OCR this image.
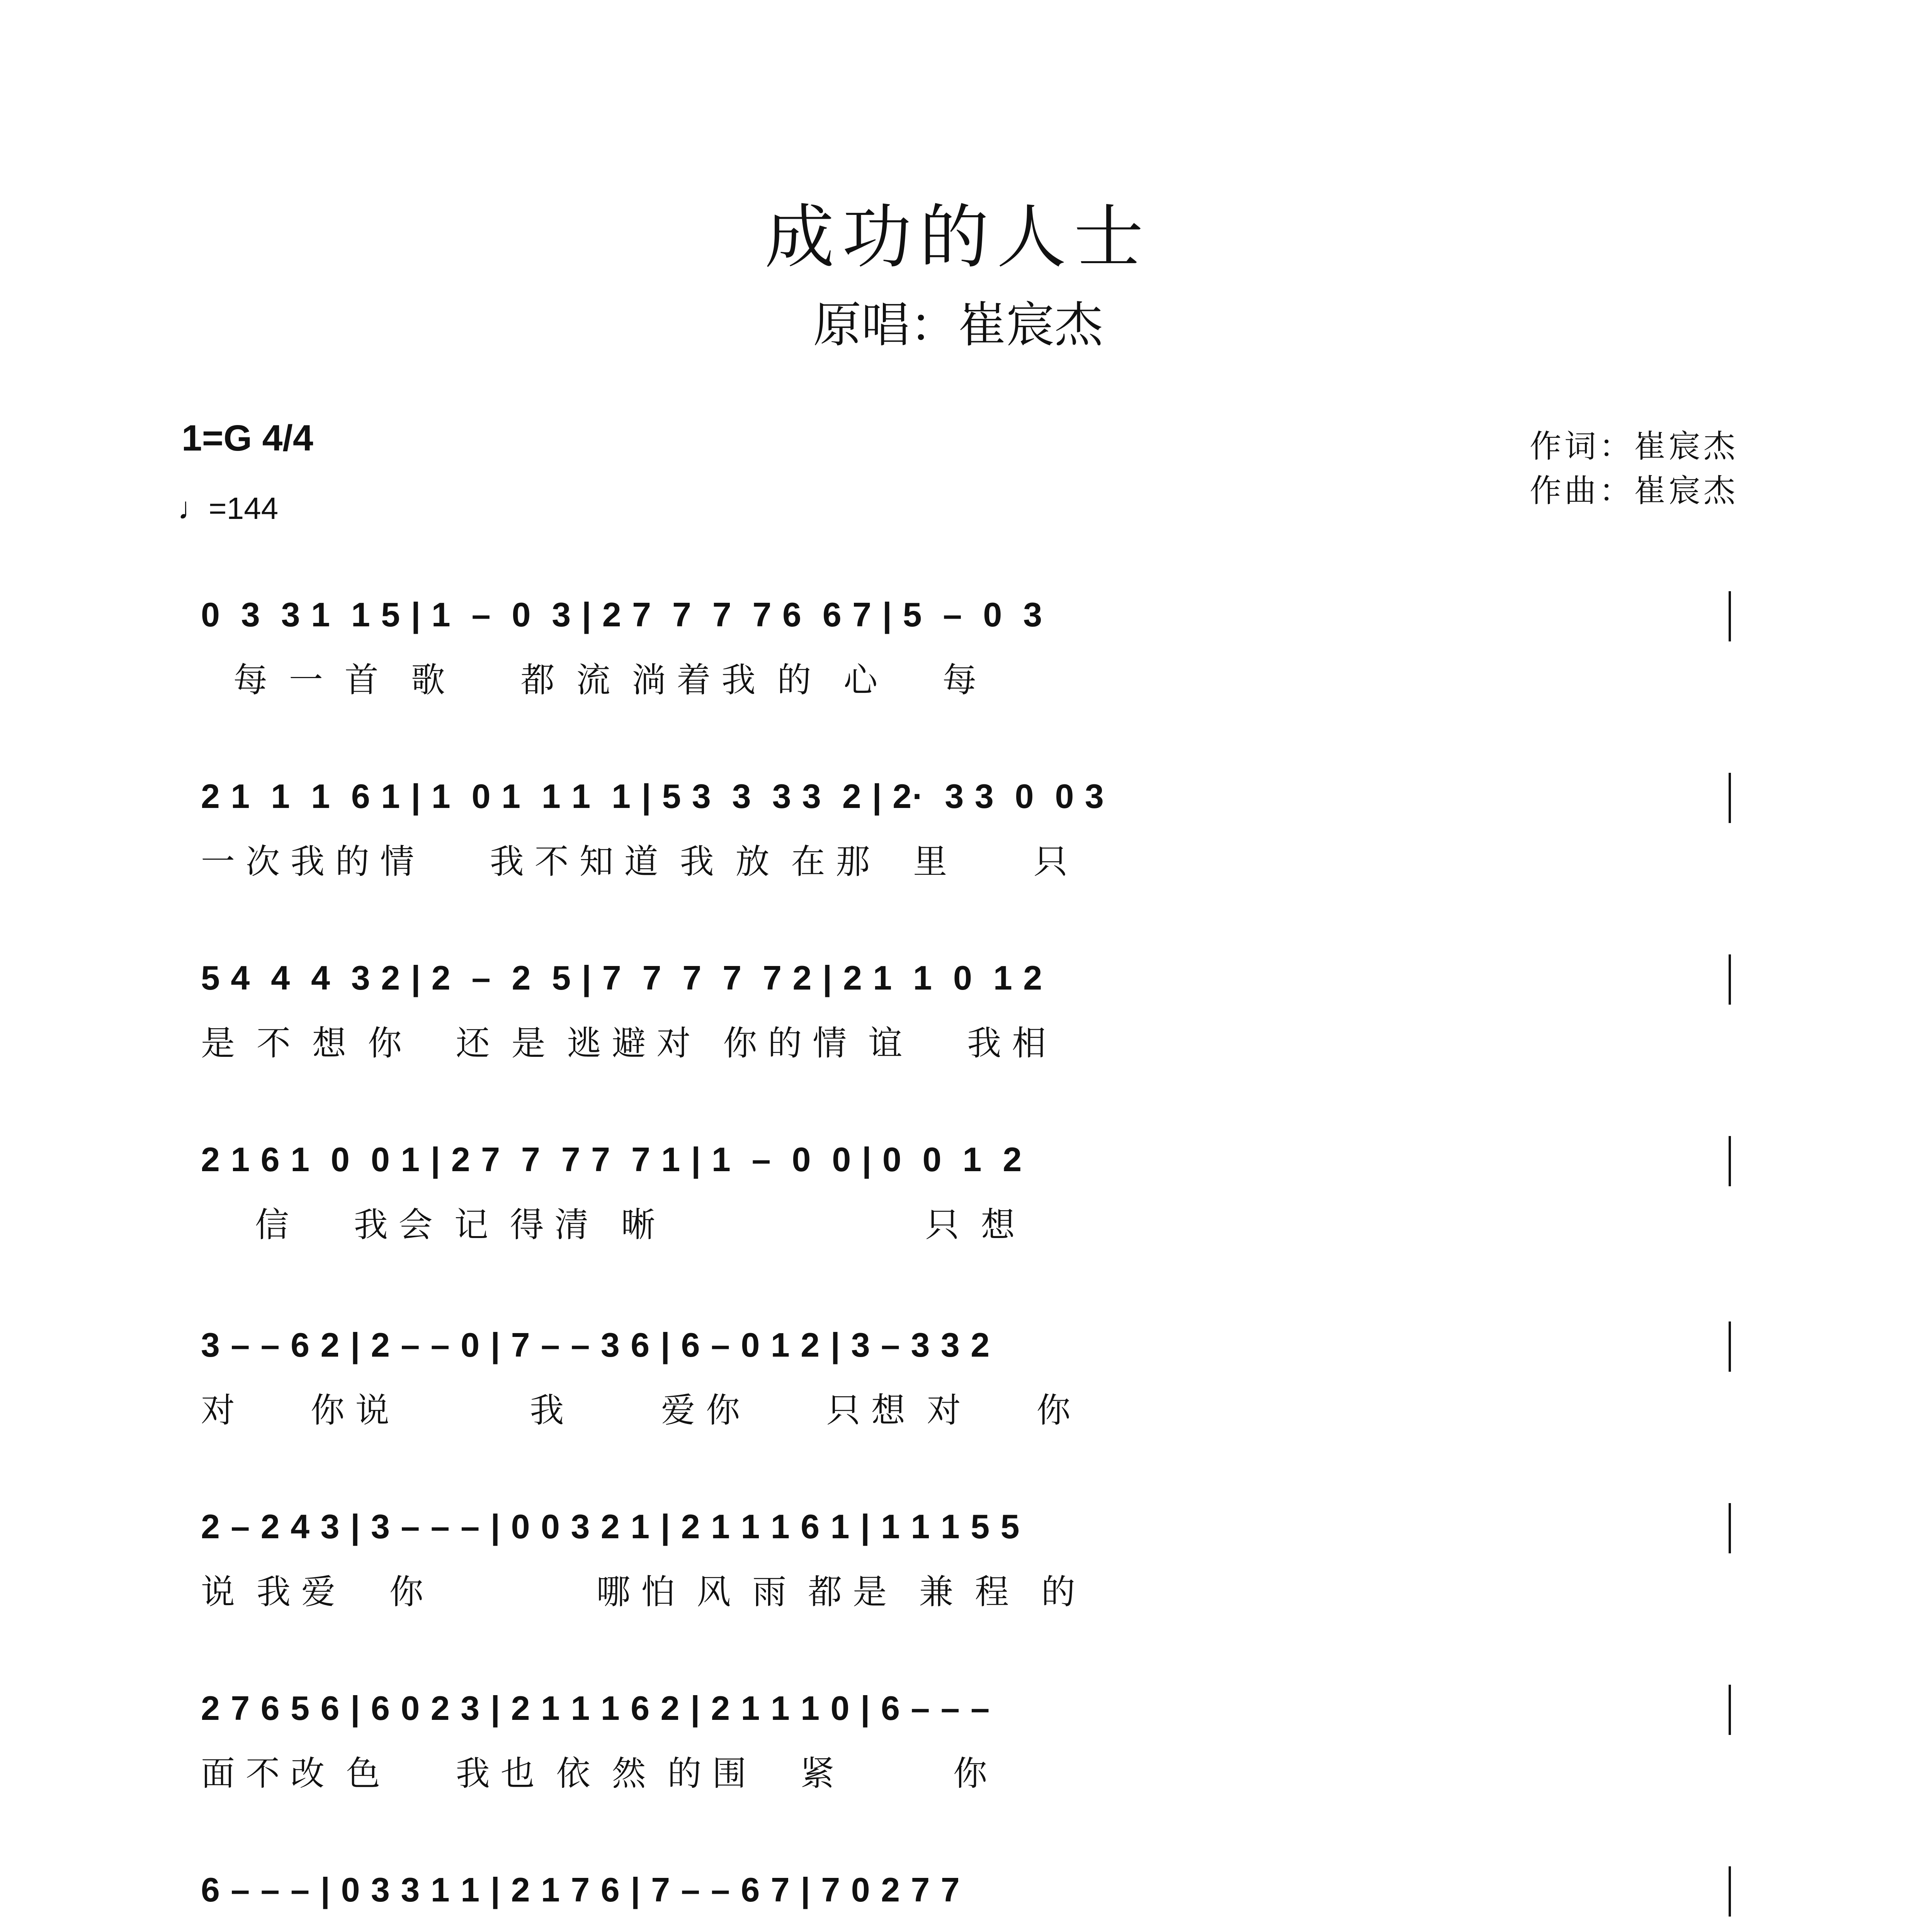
成功的人士
原唱：崔宸杰
1=G 4/4
♩=144
作词：崔宸杰
作曲：崔宸杰
0  3  3 1  1 5 | 1  –  0  3 | 2 7  7  7  7 6  6 7 | 5  –  0  3
每  一  首   歌       都  流  淌 着 我  的   心      每
2 1  1  1  6 1 | 1  0 1  1 1  1 | 5 3  3  3 3  2 | 2·  3 3  0  0 3
一 次 我 的 情       我 不 知 道  我  放  在 那    里        只
5 4  4  4  3 2 | 2  –  2  5 | 7  7  7  7  7 2 | 2 1  1  0  1 2
是  不  想  你     还  是  逃 避 对   你 的 情  谊      我 相
2 1 6 1  0  0 1 | 2 7  7  7 7  7 1 | 1  –  0  0 | 0  0  1  2
信      我 会  记  得 清   晰                         只  想
3 – – 6 2 | 2 – – 0 | 7 – – 3 6 | 6 – 0 1 2 | 3 – 3 3 2
对       你 说             我         爱 你        只 想  对       你
2 – 2 4 3 | 3 – – – | 0 0 3 2 1 | 2 1 1 1 6 1 | 1 1 1 5 5
说  我 爱     你                哪 怕  风  雨  都 是   兼  程   的
2 7 6 5 6 | 6 0 2 3 | 2 1 1 1 6 2 | 2 1 1 1 0 | 6 – – –
面 不 改  色       我 也  依  然  的 围     紧           你
6 – – – | 0 3 3 1 1 | 2 1 7 6 | 7 – – 6 7 | 7 0 2 7 7
